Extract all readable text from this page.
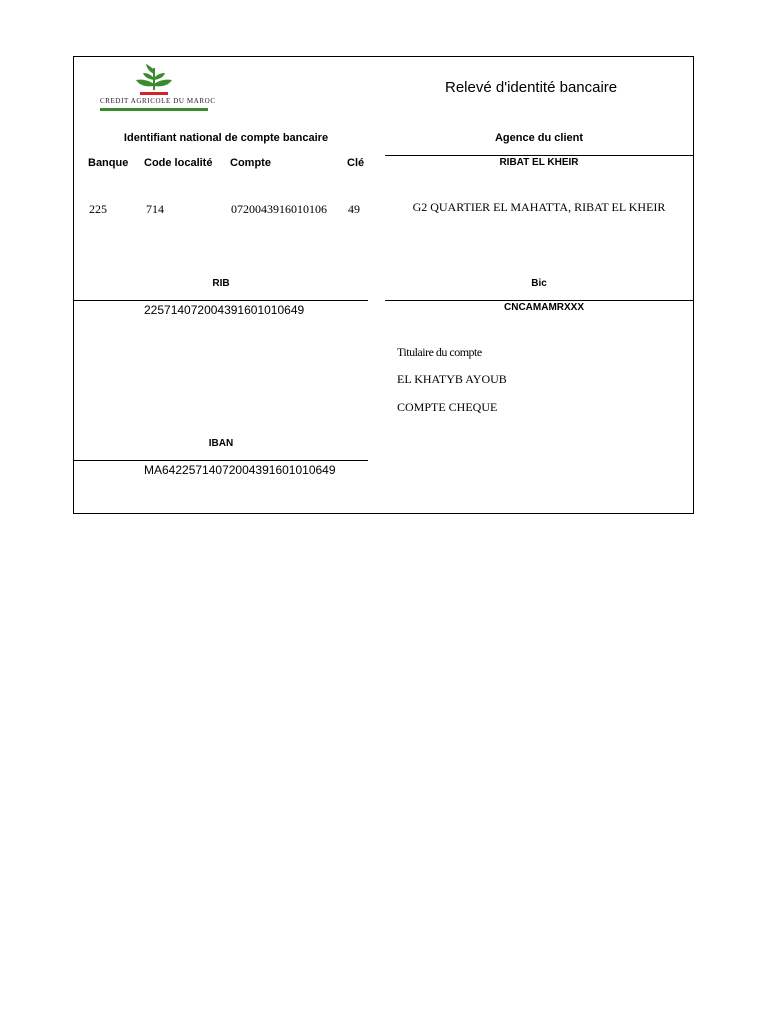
CREDIT AGRICOLE DU MAROC
Relevé d'identité bancaire
Identifiant national de compte bancaire
Banque Code localité Compte	Clé
225	714	0720043916010106 49
Agence du client
RIBAT EL KHEIR
G2 QUARTIER EL MAHATTA, RIBAT EL KHEIR
RIB
225714072004391601010649
Bic
CNCAMAMRXXX
Titulaire du compte
EL KHATYB AYOUB
COMPTE CHEQUE
IBAN
MA64225714072004391601010649
